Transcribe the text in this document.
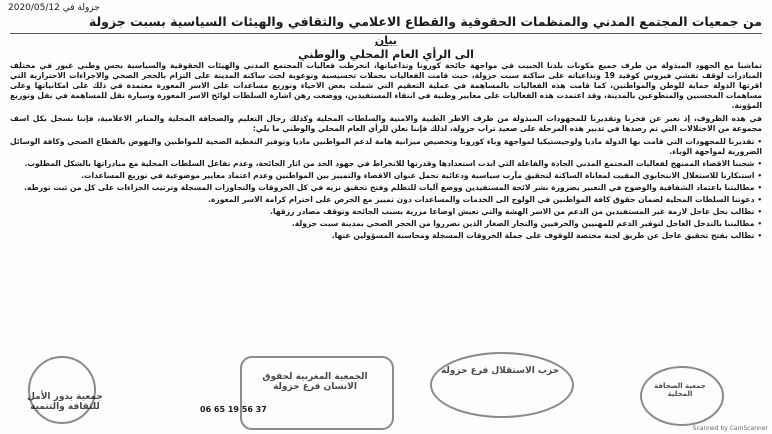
جزولة في 2020/05/12
من جمعيات المجتمع المدني والمنظمات الحقوقية والقطاع الاعلامي والثقافي والهيئات السياسية بسبت جزولة
بيان
الى الرأي العام المحلي والوطني

تماشيا مع الجهود المبذولة من طرف جميع مكونات بلدنا الحبيب في مواجهة جائحة كورونا وتداعياتها، انخرطت فعاليات المجتمع المدني والهيئات الحقوقية والسياسية بحس وطني غيور في مختلف المبادرات لوقف تفشي فيروس كوفيد 19 وتداعياته على ساكنة سبت جزولة، حيث قامت الفعاليات بحملات تحسيسية وتوعوية لحث ساكنة المدينة على التزام بالحجر الصحي والاجراءات الاحترازية التي اقرتها الدولة حماية للوطن والمواطنين، كما قامت هذه الفعاليات بالمساهمة في عملية التعقيم التي شملت بعض الاحياء وتوزيع مساعدات على الاسر المعوزة معتمدة في ذلك على امكانياتها وعلى مساهمات المحسنين والمتطوعين بالمدينة، وقد اعتمدت هذه الفعاليات على معايير وطنية في انتقاء المستفيدين، ووضعت رهن اشارة السلطات لوائح الاسر المعوزة وسيارة نقل للمساهمة في نقل وتوزيع المؤونة.

في هذه الظروف، إذ نعبر عن فخرنا وتقديرنا للمجهودات المبذولة من طرف الاطر الطبية والامنية والسلطات المحلية وكذلك رجال التعليم والصحافة المحلية والمنابر الاعلامية، فإننا نسجل بكل اسف مجموعة من الاختلالات التي تم رصدها في تدبير هذه المرحلة على صعيد تراب جزولة، لذلك فإننا نعلن للرأي العام المحلي والوطني ما يلي:

•تقديرنا للمجهودات التي قامت بها الدولة ماديا ولوجيستيكيا لمواجهة وباء كورونا وتخصيص ميزانية هامة لدعم المواطنين ماديا وتوفير التغطية الصحية للمواطنين والنهوض بالقطاع الصحي وكافة الوسائل الضرورية لمواجهة الوباء.

•شجبنا الاقصاء الممنهج لفعاليات المجتمع المدني الجادة والفاعلة التي ابدت استعدادها وقدرتها للانخراط في جهود الحد من اثار الجائحة، وعدم تفاعل السلطات المحلية مع مبادراتها بالشكل المطلوب.

•استنكارنا للاستغلال الانتخابوي المقيت لمعاناة الساكنة لتحقيق مآرب سياسية ودعائية تحمل عنوان الاقصاء والتمييز بين المواطنين وعدم اعتماد معايير موضوعية في توزيع المساعدات.

•مطالبتنا باعتماد الشفافية والوضوح في التعبير بضرورة نشر لائحة المستفيدين ووضع آليات للتظلم وفتح تحقيق نزيه في كل الخروقات والتجاوزات المسجلة وترتيب الجزاءات على كل من ثبت تورطه.

•دعوتنا السلطات المحلية لضمان حقوق كافة المواطنين في الولوج الى الخدمات والمساعدات دون تمييز مع الحرص على احترام كرامة الاسر المعوزة.

•تطالب بحل عاجل لازمة غير المستفيدين من الدعم من الاسر الهشة والتي تعيش اوضاعا مزرية بسبب الجائحة وتوقف مصادر رزقها.

•مطالبتنا بالتدخل العاجل لتوفير الدعم للمهنيين والحرفيين والتجار الصغار الذين تضرروا من الحجر الصحي بمدينة سبت جزولة.

•تطالب بفتح تحقيق عاجل عن طريق لجنة مختصة للوقوف على جملة الخروقات المسجلة ومحاسبة المسؤولين عنها.

جمعية بدور الأمل للثقافة والتنمية
الجمعية المغربية لحقوق الانسان فرع جزولة
حزب الاستقلال فرع جزولة
جمعية الصحافة المحلية
06 65 19 56 37
Scanned by CamScanner
